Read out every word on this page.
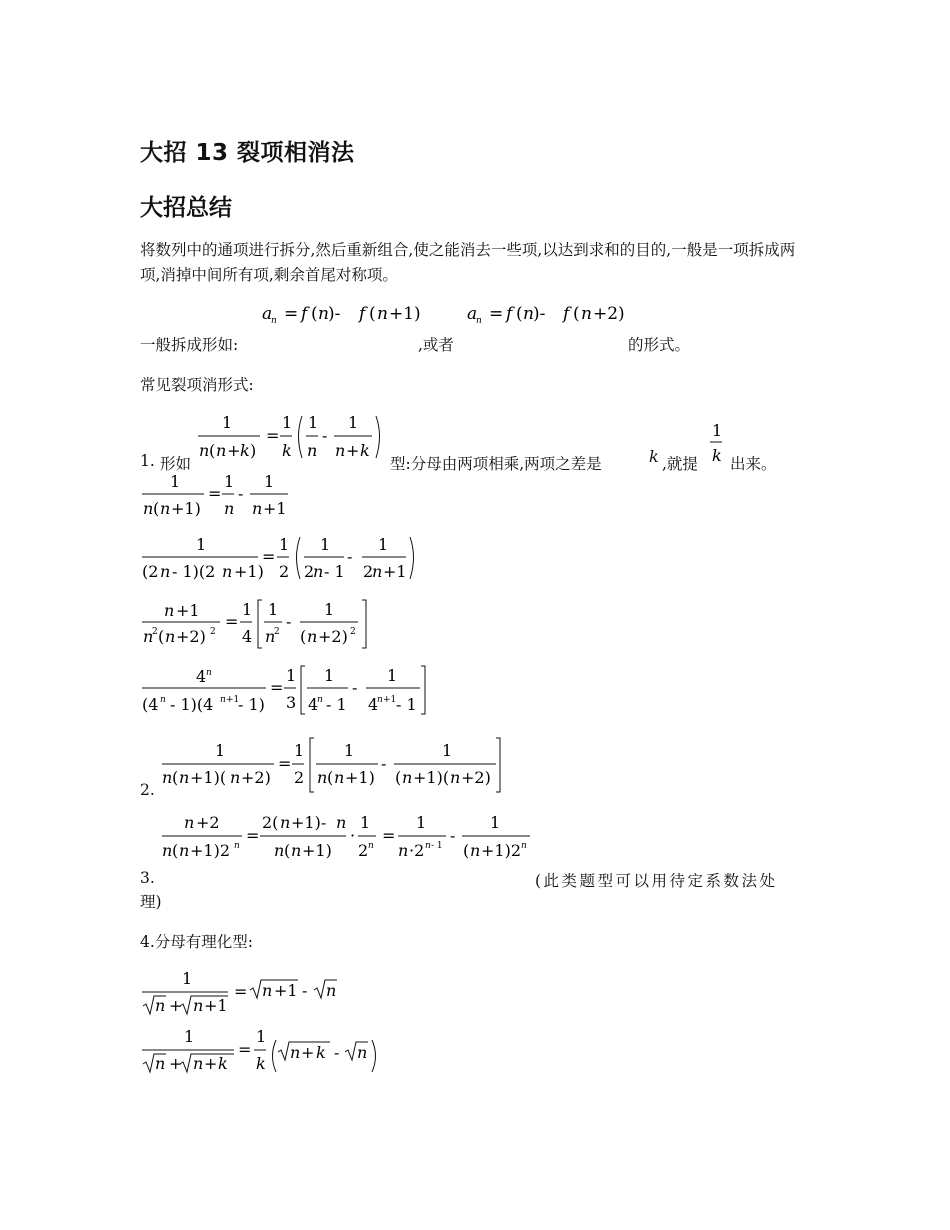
大招 13 裂项相消法
大招总结
将数列中的通项进行拆分,然后重新组合,使之能消去一些项,以达到求和的目的,一般是一项拆成两项,消掉中间所有项,剩余首尾对称项。
a
n = f ( n )- f ( n +1)	a
n = f ( n )- f ( n +2)
一般拆成形如:	,或者	的形式。
常见裂项消形式:
1. 形如
1
n ( n + k )
=
1
k
1
n
-
1
n + k
型:分母由两项相乘,两项之差是	k ,就提
1
k 出来。
1
n ( n +1)
=
1
n
-
1
n +1
1
(2 n - 1)(2 n +1)
=
1
2
1
2
n - 1
-
1
2
n +1
n +1
n
2 ( n +2) 2
=
1
4
1
n
2
-
1
( n +2) 2
4 n
(4 n - 1)(4 n +1
- 1)
=
1
3
1
4
n - 1
-
1
4
n +1 - 1
2.
1
n ( n +1)( n +2)
=
1
2
1
n ( n +1)
-
1
( n +1)( n +2)
n +2
n ( n +1)2 n
=
2( n +1)- n
n ( n +1)
·
1
2 n
=
1
n ·2 n - 1
-
1
( n +1)2 n
3.	(此类题型可以用待定系数法处
理)
4.分母有理化型:
1
n + n +1
= n +1 - n
1
n + n + k
=
1
k
n + k - n
